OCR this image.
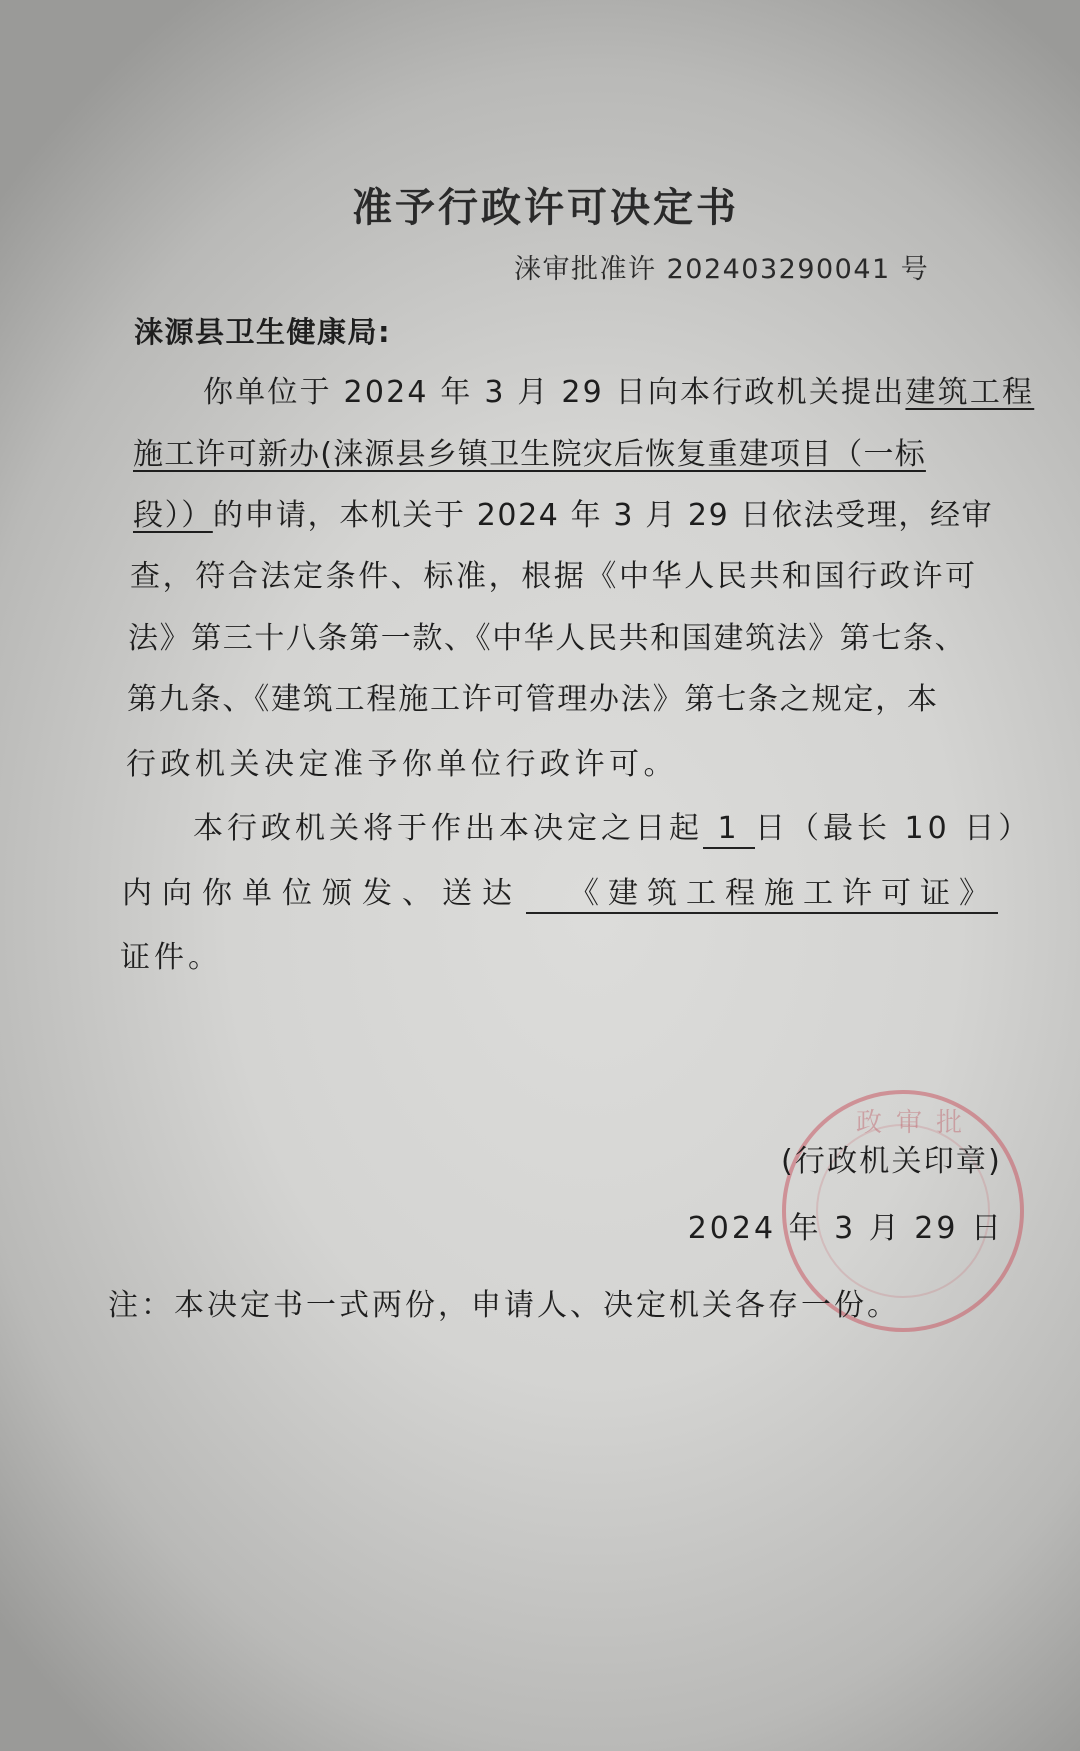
准予行政许可决定书
涞审批准许 202403290041 号
涞源县卫生健康局:
你单位于 2024 年 3 月 29 日向本行政机关提出建筑工程
施工许可新办(涞源县乡镇卫生院灾后恢复重建项目（一标
段））的申请，本机关于 2024 年 3 月 29 日依法受理，经审
查，符合法定条件、标准，根据《中华人民共和国行政许可
法》第三十八条第一款、《中华人民共和国建筑法》第七条、
第九条、《建筑工程施工许可管理办法》第七条之规定，本
行政机关决定准予你单位行政许可。
本行政机关将于作出本决定之日起 1 日（最长 10 日）
内向你单位颁发、送达 《建筑工程施工许可证》
证件。
政审批
(行政机关印章)
2024 年 3 月 29 日
注：本决定书一式两份，申请人、决定机关各存一份。
